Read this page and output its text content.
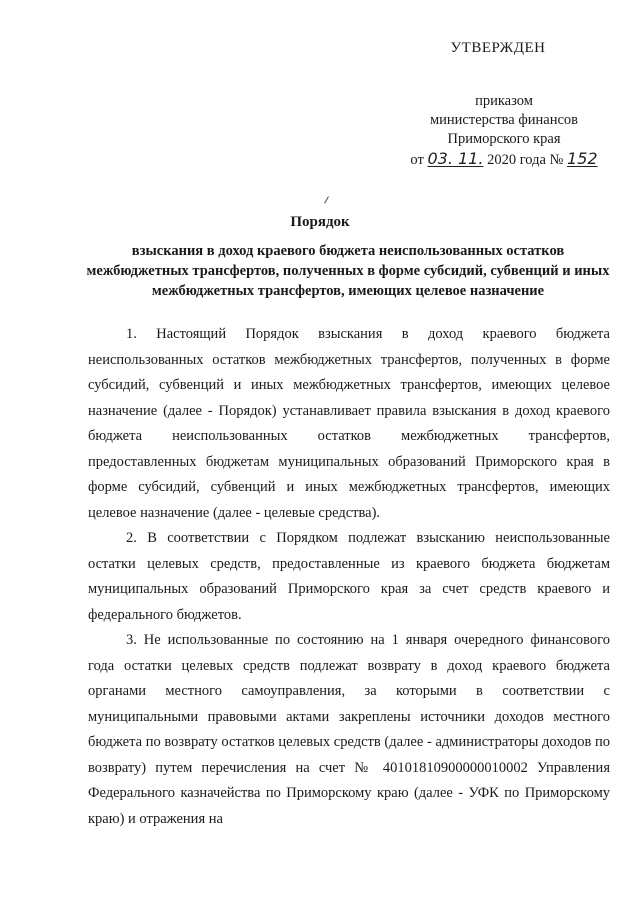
УТВЕРЖДЕН
приказом
министерства финансов
Приморского края
от 03. 11. 2020 года № 152
Порядок
взыскания в доход краевого бюджета неиспользованных остатков межбюджетных трансфертов, полученных в форме субсидий, субвенций и иных межбюджетных трансфертов, имеющих целевое назначение

1. Настоящий Порядок взыскания в доход краевого бюджета неиспользованных остатков межбюджетных трансфертов, полученных в форме субсидий, субвенций и иных межбюджетных трансфертов, имеющих целевое назначение (далее - Порядок) устанавливает правила взыскания в доход краевого бюджета неиспользованных остатков межбюджетных трансфертов, предоставленных бюджетам муниципальных образований Приморского края в форме субсидий, субвенций и иных межбюджетных трансфертов, имеющих целевое назначение (далее - целевые средства).

2. В соответствии с Порядком подлежат взысканию неиспользованные остатки целевых средств, предоставленные из краевого бюджета бюджетам муниципальных образований Приморского края за счет средств краевого и федерального бюджетов.

3. Не использованные по состоянию на 1 января очередного финансового года остатки целевых средств подлежат возврату в доход краевого бюджета органами местного самоуправления, за которыми в соответствии с муниципальными правовыми актами закреплены источники доходов местного бюджета по возврату остатков целевых средств (далее - администраторы доходов по возврату) путем перечисления на счет № 40101810900000010002 Управления Федерального казначейства по Приморскому краю (далее - УФК по Приморскому краю) и отражения на
